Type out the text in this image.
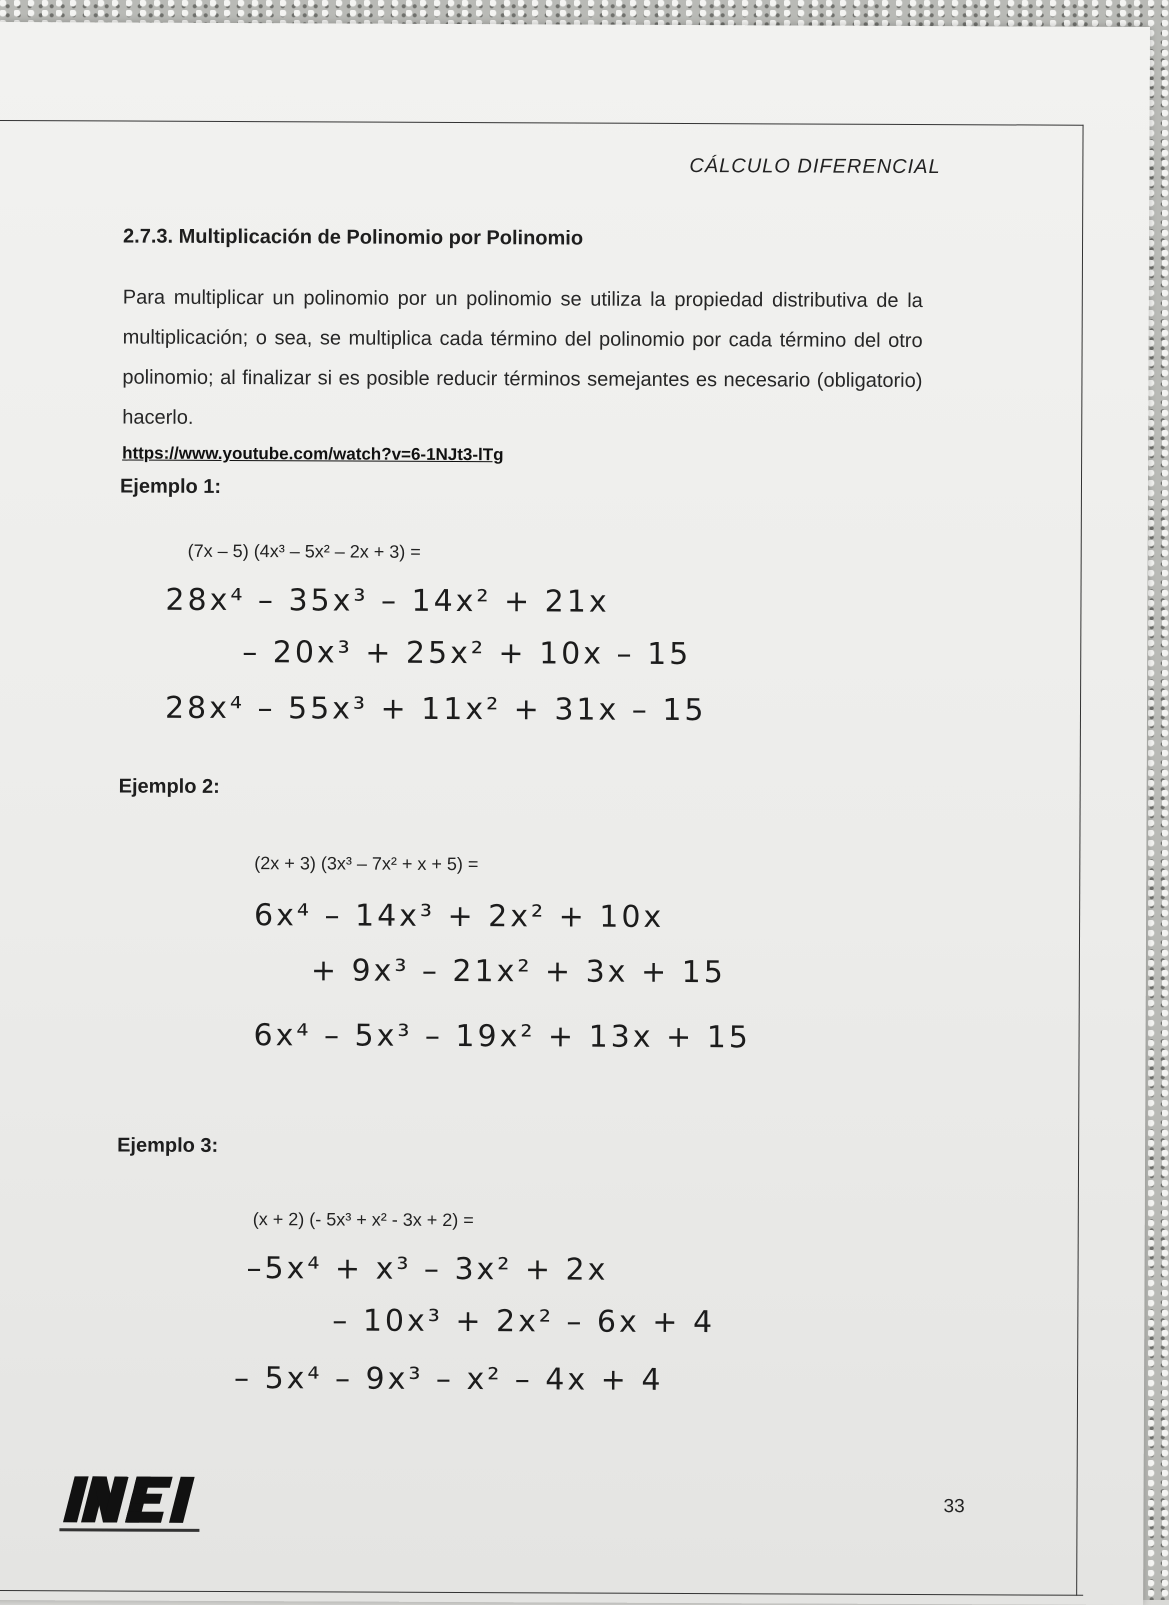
CÁLCULO DIFERENCIAL
2.7.3. Multiplicación de Polinomio por Polinomio
Para multiplicar un polinomio por un polinomio se utiliza la propiedad distributiva de la multiplicación; o sea, se multiplica cada término del polinomio por cada término del otro polinomio; al finalizar si es posible reducir términos semejantes es necesario (obligatorio) hacerlo.
https://www.youtube.com/watch?v=6-1NJt3-lTg
Ejemplo 1:
(7x – 5) (4x³ – 5x² – 2x + 3) =
28x⁴ – 35x³ – 14x² + 21x
– 20x³ + 25x² + 10x – 15
28x⁴ – 55x³ + 11x² + 31x – 15
Ejemplo 2:
(2x + 3) (3x³ – 7x² + x + 5) =
6x⁴ – 14x³ + 2x² + 10x
+ 9x³ – 21x² + 3x + 15
6x⁴ – 5x³ – 19x² + 13x + 15
Ejemplo 3:
(x + 2) (- 5x³ + x² - 3x + 2) =
–5x⁴ + x³ – 3x² + 2x
– 10x³ + 2x² – 6x + 4
– 5x⁴ – 9x³ – x² – 4x + 4
33
